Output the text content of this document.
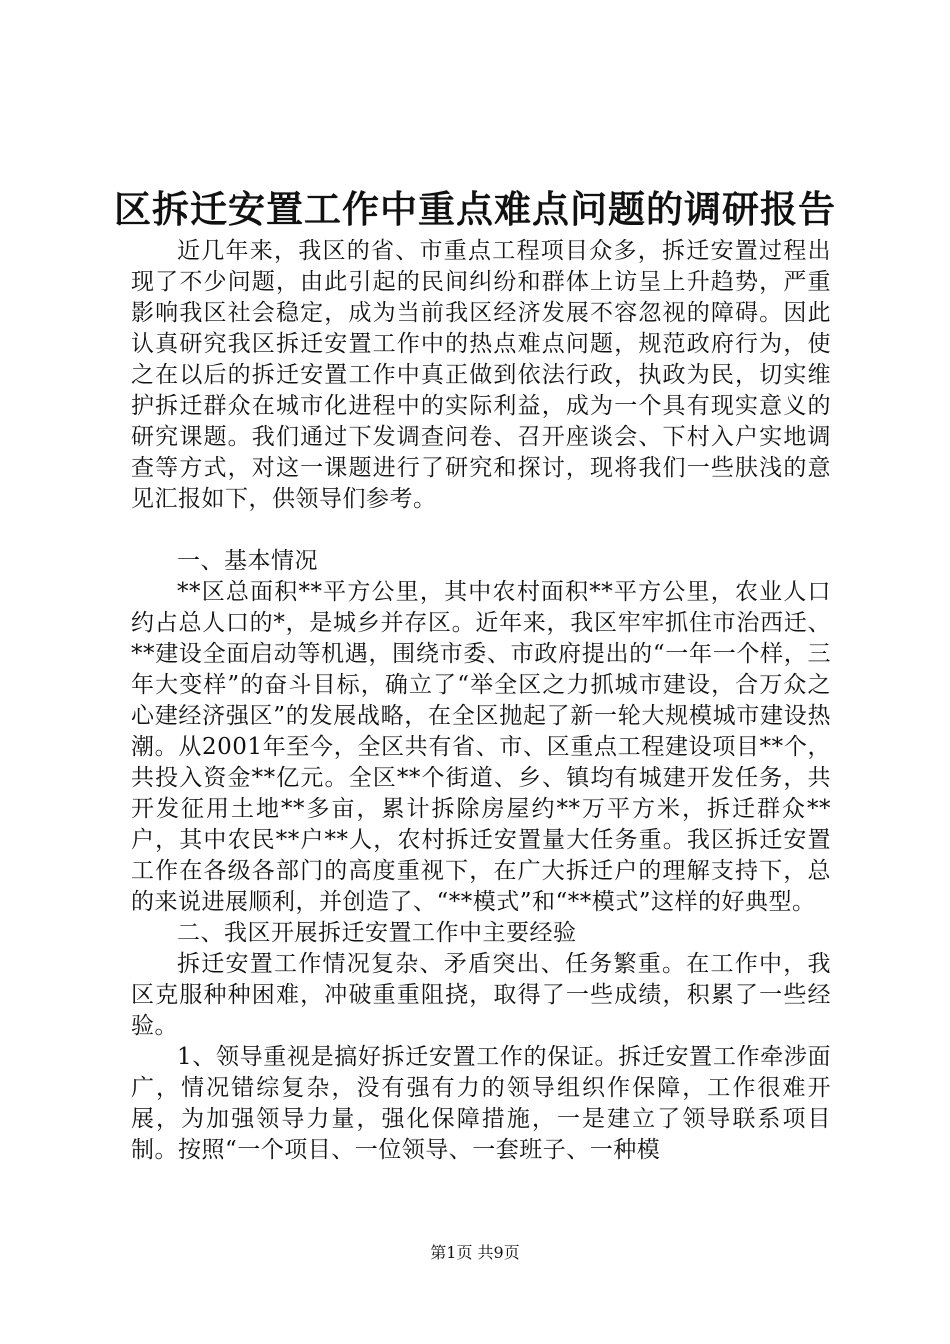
区拆迁安置工作中重点难点问题的调研报告

近几年来，我区的省、市重点工程项目众多，拆迁安置过程出现了不少问题，由此引起的民间纠纷和群体上访呈上升趋势，严重影响我区社会稳定，成为当前我区经济发展不容忽视的障碍。因此认真研究我区拆迁安置工作中的热点难点问题，规范政府行为，使之在以后的拆迁安置工作中真正做到依法行政，执政为民，切实维护拆迁群众在城市化进程中的实际利益，成为一个具有现实意义的研究课题。我们通过下发调查问卷、召开座谈会、下村入户实地调查等方式，对这一课题进行了研究和探讨，现将我们一些肤浅的意见汇报如下，供领导们参考。

一、基本情况

**区总面积**平方公里，其中农村面积**平方公里，农业人口约占总人口的*，是城乡并存区。近年来，我区牢牢抓住市治西迁、**建设全面启动等机遇，围绕市委、市政府提出的“一年一个样，三年大变样”的奋斗目标，确立了“举全区之力抓城市建设，合万众之心建经济强区”的发展战略，在全区抛起了新一轮大规模城市建设热潮。从2001年至今，全区共有省、市、区重点工程建设项目**个，共投入资金**亿元。全区**个街道、乡、镇均有城建开发任务，共开发征用土地**多亩，累计拆除房屋约**万平方米，拆迁群众**户，其中农民**户**人，农村拆迁安置量大任务重。我区拆迁安置工作在各级各部门的高度重视下，在广大拆迁户的理解支持下，总的来说进展顺利，并创造了、“**模式”和“**模式”这样的好典型。

二、我区开展拆迁安置工作中主要经验

拆迁安置工作情况复杂、矛盾突出、任务繁重。在工作中，我区克服种种困难，冲破重重阻挠，取得了一些成绩，积累了一些经验。

1、领导重视是搞好拆迁安置工作的保证。拆迁安置工作牵涉面广，情况错综复杂，没有强有力的领导组织作保障，工作很难开展，为加强领导力量，强化保障措施，一是建立了领导联系项目制。按照“一个项目、一位领导、一套班子、一种模

第1页 共9页
